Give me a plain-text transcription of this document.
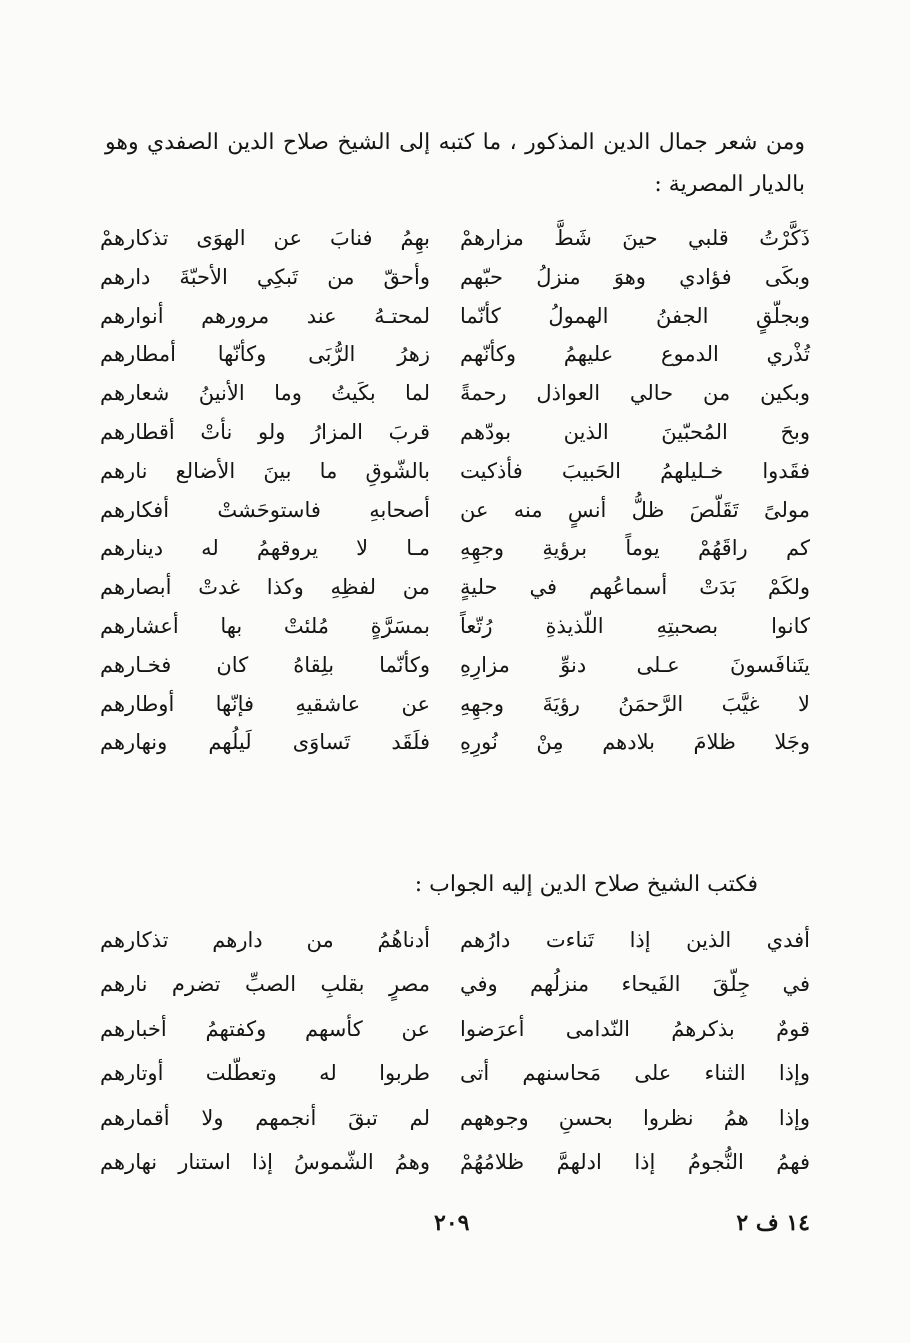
ومن شعر جمال الدين المذكور ، ما كتبه إلى الشيخ صلاح الدين الصفدي وهو بالديار المصرية :

ذَكَّرْتُ قلبي حينَ شَطَّ مزارهمْ
بهِمُ فنابَ عن الهوَى تذكارهمْ
وبكَى فؤادي وهوَ منزلُ حبّهم
وأحقّ من تَبكِي الأحبّةَ دارهم
وبجلّقٍ الجفنُ الهمولُ كأنّما
لمحتـهُ عند مرورهم أنوارهم
تُذْري الدموع عليهمُ وكأنّهم
زهرُ الرُّبَى وكأنّها أمطارهم
وبكين من حالي العواذل رحمةً
لما بكَيتُ وما الأنينُ شعارهم
وبحَ المُحبّينَ الذين بودّهم
قربَ المزارُ ولو نأتْ أقطارهم
فقَدوا خـليلهمُ الحَبيبَ فأذكيت
بالشّوقِ ما بينَ الأضالع نارهم
مولىً تَقَلّصَ ظلُّ أنسٍ منه عن
أصحابهِ فاستوحَشتْ أفكارهم
كم راقَهُمْ يوماً برؤيةِ وجهِهِ
مـا لا يروقهمُ له دينارهم
ولكَمْ بَدَتْ أسماعُهم في حليةٍ
من لفظِهِ وكذا غدتْ أبصارهم
كانوا بصحبتِهِ اللّذيذةِ رُتّعاً
بمسَرَّةٍ مُلئتْ بها أعشارهم
يتَنافَسونَ عـلى دنوِّ مزارِهِ
وكأنّما بلِقاهُ كان فخـارهم
لا غيَّبَ الرَّحمَنُ رؤيَةَ وجهِهِ
عن عاشقيهِ فإنّها أوطارهم
وجَلا ظلامَ بلادهم مِنْ نُورِهِ
فلَقَد تَساوَى لَيلُهم ونهارهم
فكتب الشيخ صلاح الدين إليه الجواب :
أفدي الذين إذا تَناءت دارُهم
أدناهُمُ من دارهم تذكارهم
في جِلّقَ الفَيحاء منزلُهم وفي
مصرٍ بقلبِ الصبِّ تضرم نارهم
قومٌ بذكرهمُ النّدامى أعرَضوا
عن كأسهم وكفتهمُ أخبارهم
وإذا الثناء على مَحاسنهم أتى
طربوا له وتعطّلت أوتارهم
وإذا همُ نظروا بحسنِ وجوههم
لم تبقَ أنجمهم ولا أقمارهم
فهمُ النُّجومُ إذا ادلهمَّ ظلامُهُمْ
وهمُ الشّموسُ إذا استنار نهارهم
١٤ ف ٢
٢٠٩
